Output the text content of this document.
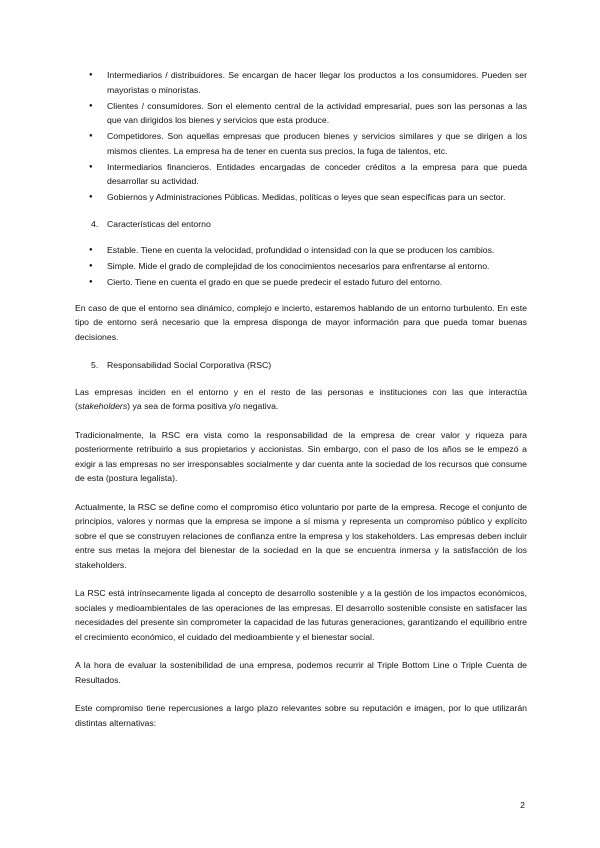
● Intermediarios / distribuidores. Se encargan de hacer llegar los productos a los consumidores. Pueden ser mayoristas o minoristas.
● Clientes / consumidores. Son el elemento central de la actividad empresarial, pues son las personas a las que van dirigidos los bienes y servicios que esta produce.
● Competidores. Son aquellas empresas que producen bienes y servicios similares y que se dirigen a los mismos clientes. La empresa ha de tener en cuenta sus precios, la fuga de talentos, etc.
● Intermediarios financieros. Entidades encargadas de conceder créditos a la empresa para que pueda desarrollar su actividad.
● Gobiernos y Administraciones Públicas. Medidas, políticas o leyes que sean específicas para un sector.
4. Características del entorno
● Estable. Tiene en cuenta la velocidad, profundidad o intensidad con la que se producen los cambios.
● Simple. Mide el grado de complejidad de los conocimientos necesarios para enfrentarse al entorno.
● Cierto. Tiene en cuenta el grado en que se puede predecir el estado futuro del entorno.

En caso de que el entorno sea dinámico, complejo e incierto, estaremos hablando de un entorno turbulento. En este tipo de entorno será necesario que la empresa disponga de mayor información para que pueda tomar buenas decisiones.

5. Responsabilidad Social Corporativa (RSC)

Las empresas inciden en el entorno y en el resto de las personas e instituciones con las que interactúa (stakeholders) ya sea de forma positiva y/o negativa.

Tradicionalmente, la RSC era vista como la responsabilidad de la empresa de crear valor y riqueza para posteriormente retribuirlo a sus propietarios y accionistas. Sin embargo, con el paso de los años se le empezó a exigir a las empresas no ser irresponsables socialmente y dar cuenta ante la sociedad de los recursos que consume de esta (postura legalista).

Actualmente, la RSC se define como el compromiso ético voluntario por parte de la empresa. Recoge el conjunto de principios, valores y normas que la empresa se impone a sí misma y representa un compromiso público y explícito sobre el que se construyen relaciones de confianza entre la empresa y los stakeholders. Las empresas deben incluir entre sus metas la mejora del bienestar de la sociedad en la que se encuentra inmersa y la satisfacción de los stakeholders.

La RSC está intrínsecamente ligada al concepto de desarrollo sostenible y a la gestión de los impactos económicos, sociales y medioambientales de las operaciones de las empresas. El desarrollo sostenible consiste en satisfacer las necesidades del presente sin comprometer la capacidad de las futuras generaciones, garantizando el equilibrio entre el crecimiento económico, el cuidado del medioambiente y el bienestar social.

A la hora de evaluar la sostenibilidad de una empresa, podemos recurrir al Triple Bottom Line o Triple Cuenta de Resultados.

Este compromiso tiene repercusiones a largo plazo relevantes sobre su reputación e imagen, por lo que utilizarán distintas alternativas:

2
